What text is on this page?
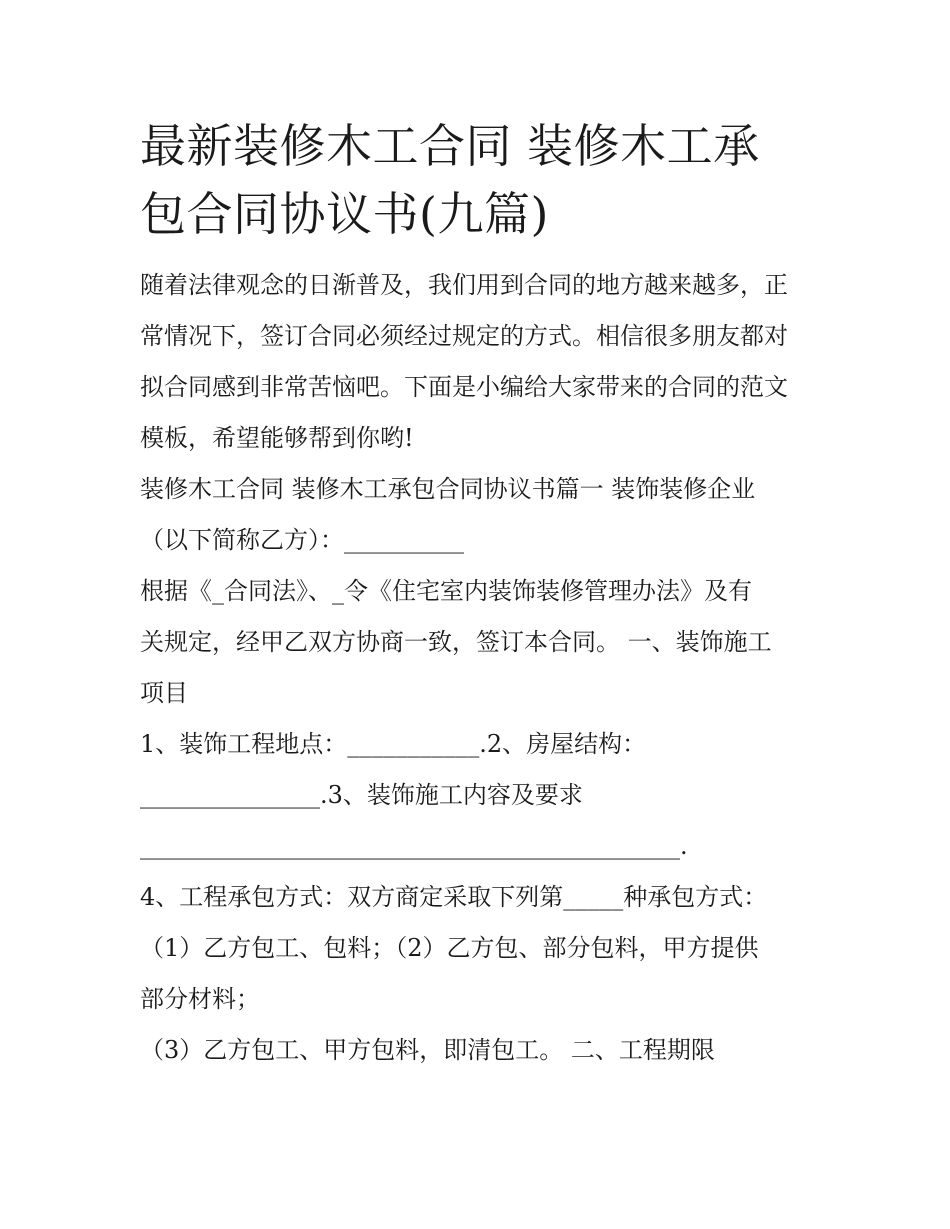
最新装修木工合同 装修木工承
包合同协议书(九篇)

随着法律观念的日渐普及，我们用到合同的地方越来越多，正

常情况下，签订合同必须经过规定的方式。相信很多朋友都对

拟合同感到非常苦恼吧。下面是小编给大家带来的合同的范文

模板，希望能够帮到你哟!

装修木工合同 装修木工承包合同协议书篇一 装饰装修企业

（以下简称乙方）：__________

根据《_合同法》、_令《住宅室内装饰装修管理办法》及有

关规定，经甲乙双方协商一致，签订本合同。 一、装饰施工

项目

1、装饰工程地点：___________.2、房屋结构：

_______________.3、装饰施工内容及要求

_____________________________________________.

4、工程承包方式：双方商定采取下列第_____种承包方式：

（1）乙方包工、包料；（2）乙方包、部分包料，甲方提供

部分材料；

（3）乙方包工、甲方包料，即清包工。 二、工程期限
